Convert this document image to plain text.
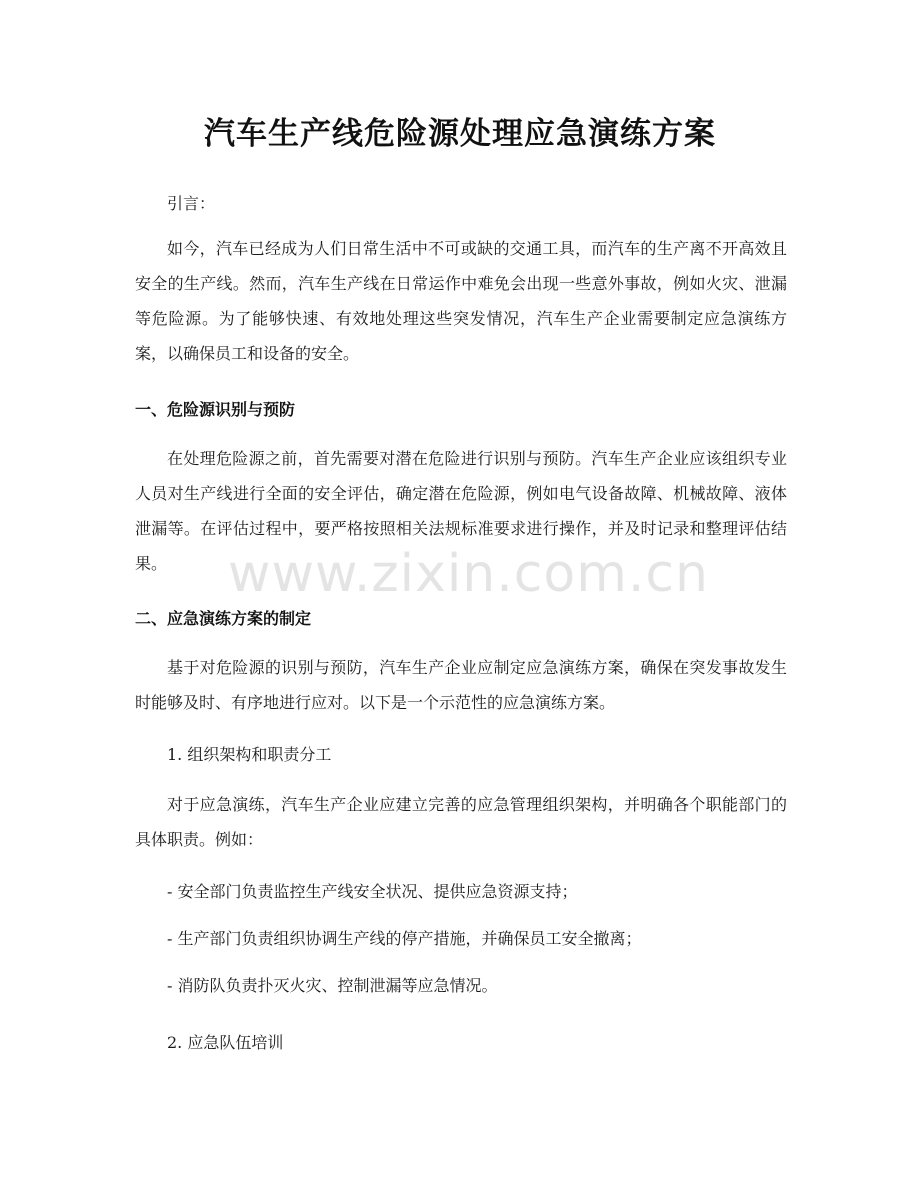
汽车生产线危险源处理应急演练方案

引言：

如今，汽车已经成为人们日常生活中不可或缺的交通工具，而汽车的生产离不开高效且安全的生产线。然而，汽车生产线在日常运作中难免会出现一些意外事故，例如火灾、泄漏等危险源。为了能够快速、有效地处理这些突发情况，汽车生产企业需要制定应急演练方案，以确保员工和设备的安全。

一、危险源识别与预防

在处理危险源之前，首先需要对潜在危险进行识别与预防。汽车生产企业应该组织专业人员对生产线进行全面的安全评估，确定潜在危险源，例如电气设备故障、机械故障、液体泄漏等。在评估过程中，要严格按照相关法规标准要求进行操作，并及时记录和整理评估结果。

二、应急演练方案的制定

基于对危险源的识别与预防，汽车生产企业应制定应急演练方案，确保在突发事故发生时能够及时、有序地进行应对。以下是一个示范性的应急演练方案。

1. 组织架构和职责分工

对于应急演练，汽车生产企业应建立完善的应急管理组织架构，并明确各个职能部门的具体职责。例如：

- 安全部门负责监控生产线安全状况、提供应急资源支持；
- 生产部门负责组织协调生产线的停产措施，并确保员工安全撤离；
- 消防队负责扑灭火灾、控制泄漏等应急情况。
2. 应急队伍培训
www.zixin.com.cn
